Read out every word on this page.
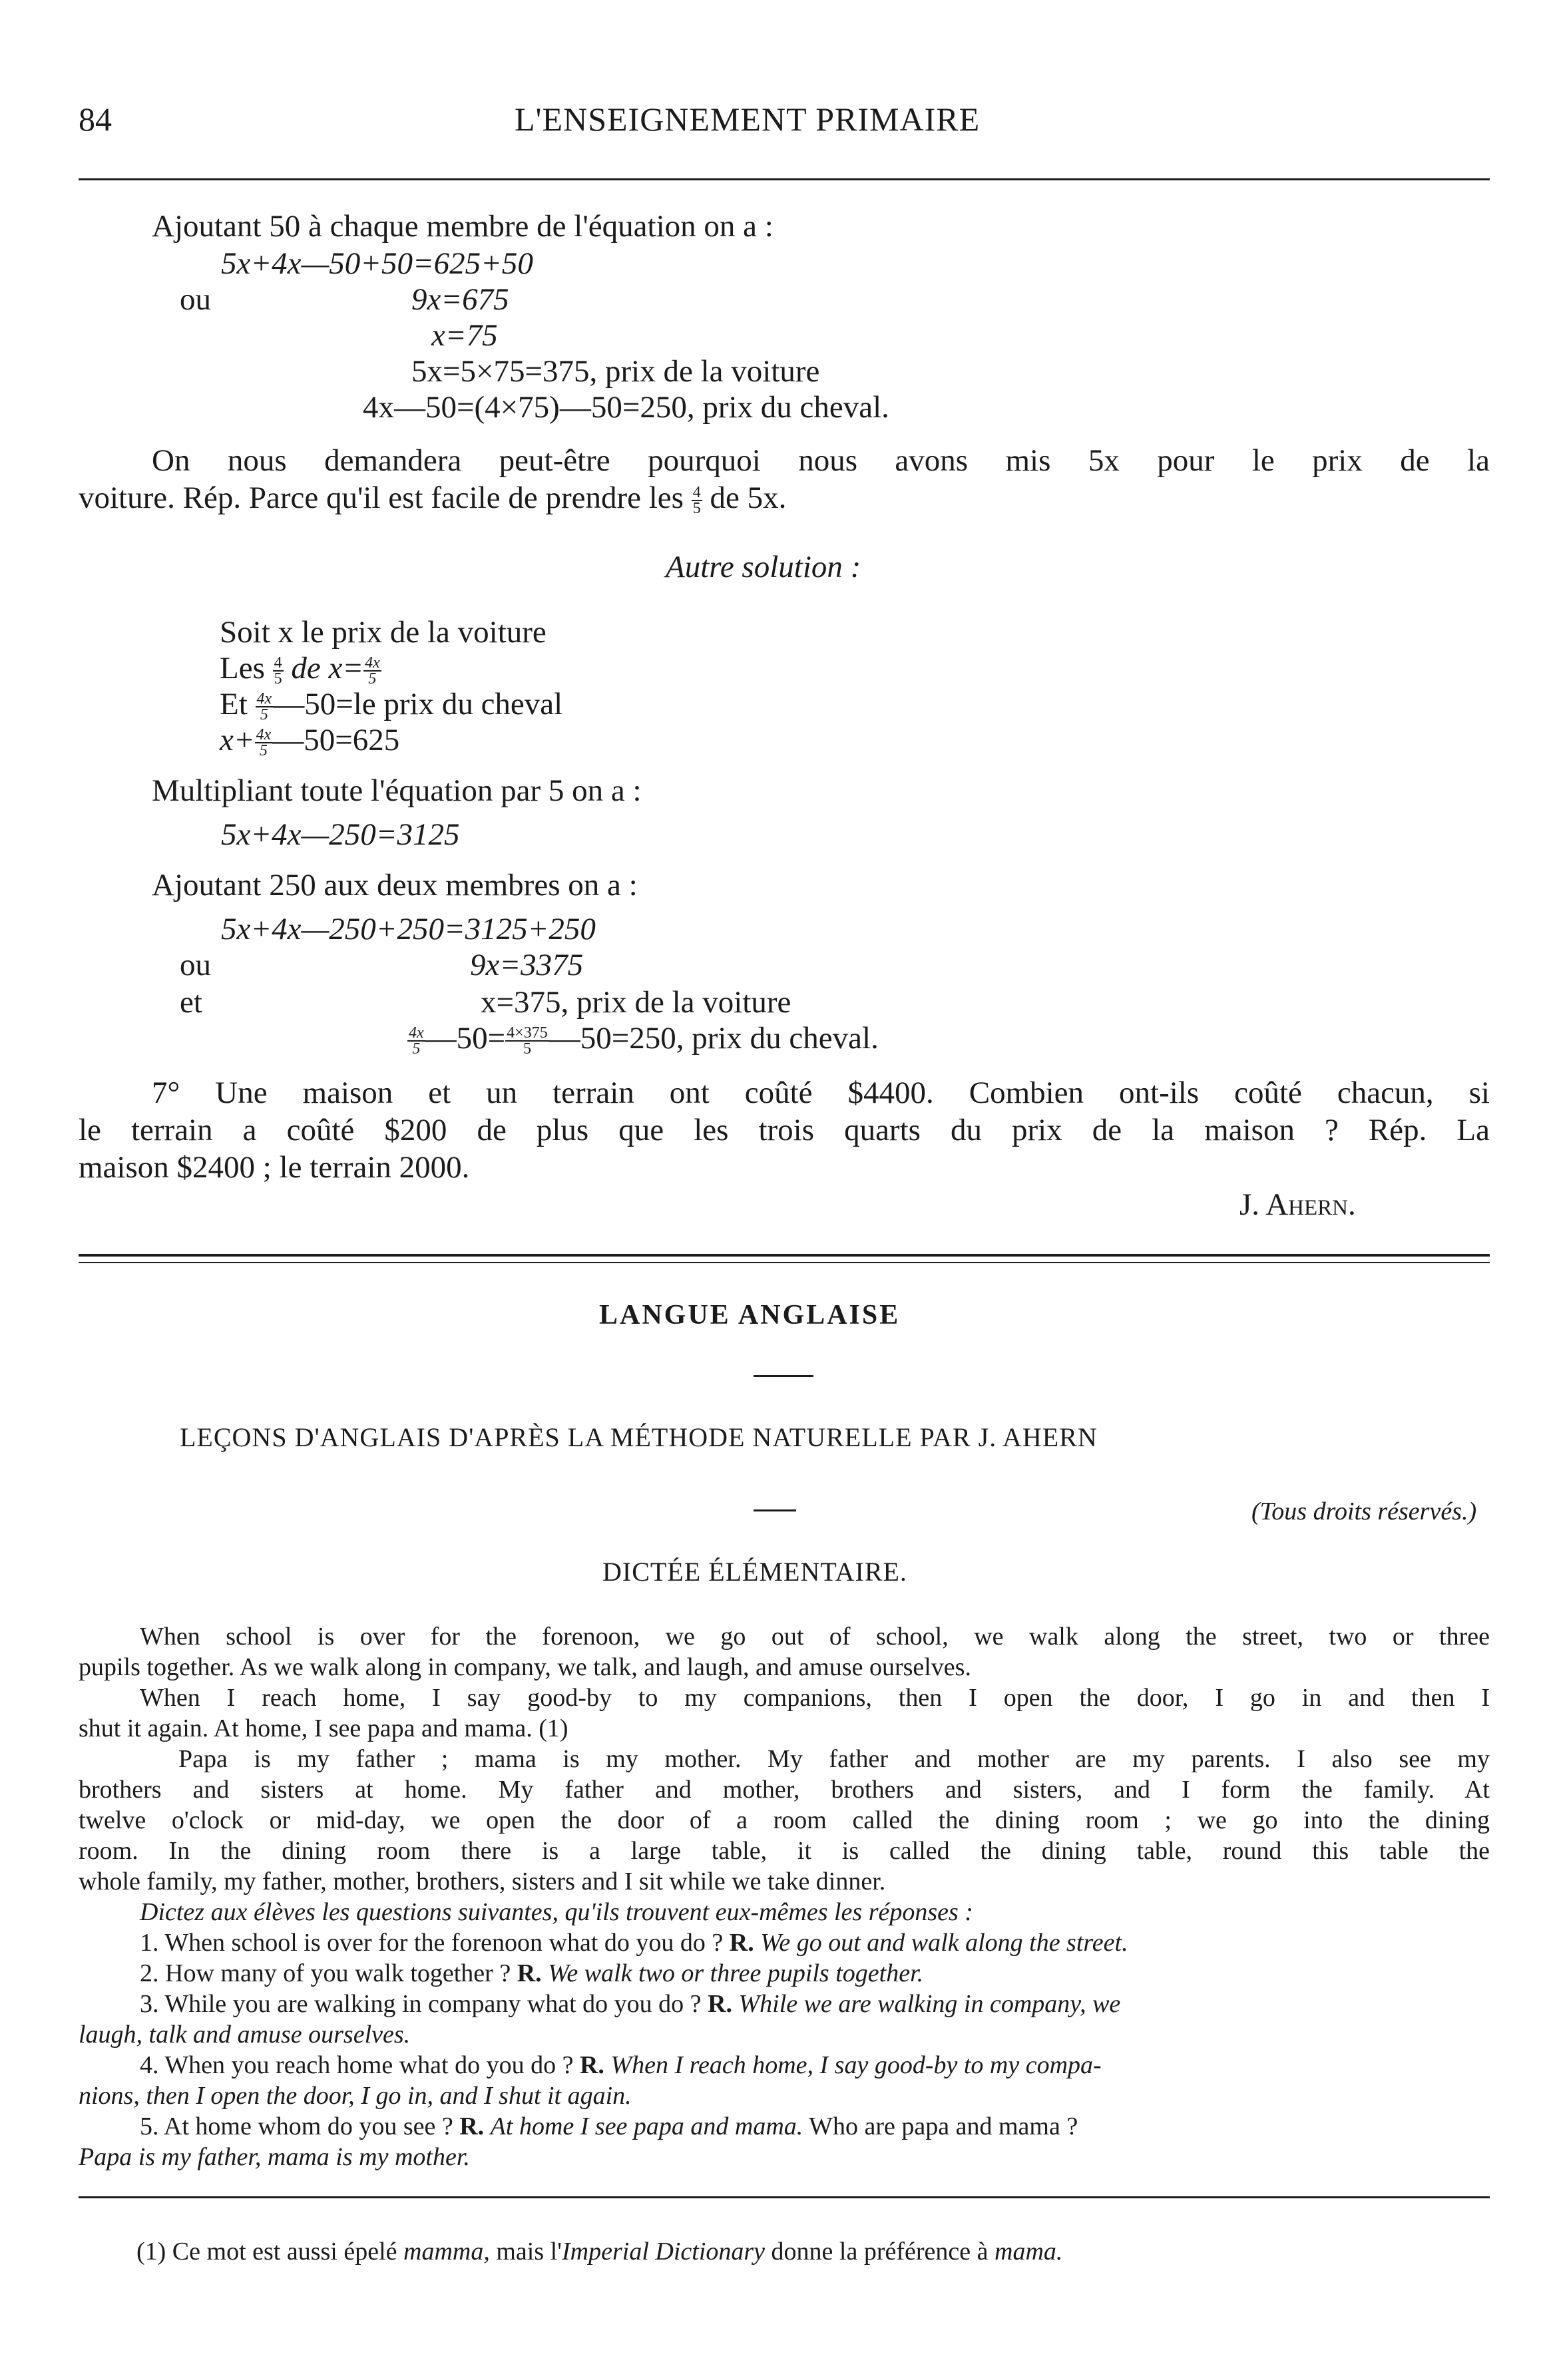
84	L'ENSEIGNEMENT PRIMAIRE
Ajoutant 50 à chaque membre de l'équation on a :
5x+4x—50+50=625+50
ou	9x=675
x=75
5x=5×75=375, prix de la voiture
4x—50=(4×75)—50=250, prix du cheval.
On nous demandera peut-être pourquoi nous avons mis 5x pour le prix de la
voiture. Rép. Parce qu'il est facile de prendre les $\frac{4}{5}$ de 5x.
Autre solution :
Soit x le prix de la voiture
Les $\frac{4}{5}$ de $x= \frac{4x}{5}$
Et $\frac{4x}{5}$ —50=le prix du cheval
$x+ \frac{4x}{5}$ —50=625
Multipliant toute l'équation par 5 on a :
5x+4x—250=3125
Ajoutant 250 aux deux membres on a :
5x+4x—250+250=3125+250
ou	9x=3375
et	x=375, prix de la voiture
$\frac{4x}{5}$ —50= $\frac{4\times 375}{5}$ —50=250, prix du cheval.
7° Une maison et un terrain ont coûté $4400. Combien ont-ils coûté chacun, si
le terrain a coûté $200 de plus que les trois quarts du prix de la maison ? Rép. La
maison $2400 ; le terrain 2000.
J. Ahern.
LANGUE ANGLAISE
LEÇONS D'ANGLAIS D'APRÈS LA MÉTHODE NATURELLE PAR J. AHERN
(Tous droits réservés.)
DICTÉE ÉLÉMENTAIRE.
When school is over for the forenoon, we go out of school, we walk along the street, two or three
pupils together. As we walk along in company, we talk, and laugh, and amuse ourselves.
When I reach home, I say good-by to my companions, then I open the door, I go in and then I
shut it again. At home, I see papa and mama. (1)
Papa is my father ; mama is my mother. My father and mother are my parents. I also see my
brothers and sisters at home. My father and mother, brothers and sisters, and I form the family. At
twelve o'clock or mid-day, we open the door of a room called the dining room ; we go into the dining
room. In the dining room there is a large table, it is called the dining table, round this table the
whole family, my father, mother, brothers, sisters and I sit while we take dinner.
Dictez aux élèves les questions suivantes, qu'ils trouvent eux-mêmes les réponses :
1. When school is over for the forenoon what do you do ? R. We go out and walk along the street.
2. How many of you walk together ? R. We walk two or three pupils together.
3. While you are walking in company what do you do ? R. While we are walking in company, we
laugh, talk and amuse ourselves.
4. When you reach home what do you do ? R. When I reach home, I say good-by to my compa-
nions, then I open the door, I go in, and I shut it again.
5. At home whom do you see ? R. At home I see papa and mama. Who are papa and mama ?
Papa is my father, mama is my mother.
(1) Ce mot est aussi épelé mamma, mais l'Imperial Dictionary donne la préférence à mama.
